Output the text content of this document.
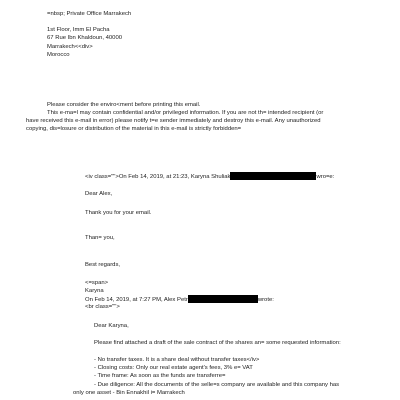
=nbsp; Private Office Marrakech
1st Floor, Imm El Pacha
67 Rue Ibn Khaldoun, 40000
Marrakech<<div>
Morocco
Please consider the enviro<ment before printing this email.
This e-ma=l may contain confidential and/or privileged information. If you are not th= intended recipient (or
have received this e-mail in error) please notify t=e sender immediately and destroy this e-mail. Any unauthorized
copying, dis=losure or distribution of the material in this e-mail is strictly forbidden=
<iv class="">On Feb 14, 2019, at 21:23, Karyna Shuliak	wro=e:
Dear Alex,
Thank you for your email.
Than= you,
Best regards,
<=span>
Karyna
On Feb 14, 2019, at 7:27 PM, Alex Petr	wrote:
<br class="">
Dear Karyna,
Please find attached a draft of the sale contract of the shares an= some requested information:
- No transfer taxes. It is a share deal without transfer taxes</iv>
- Closing costs: Only our real estate agent's fees, 3% e= VAT
- Time frame: As soon as the funds are transferre=
- Due diligence: All the documents of the selle=s company are available and this company has
only one asset - Bin Ennakhil i= Marrakech
